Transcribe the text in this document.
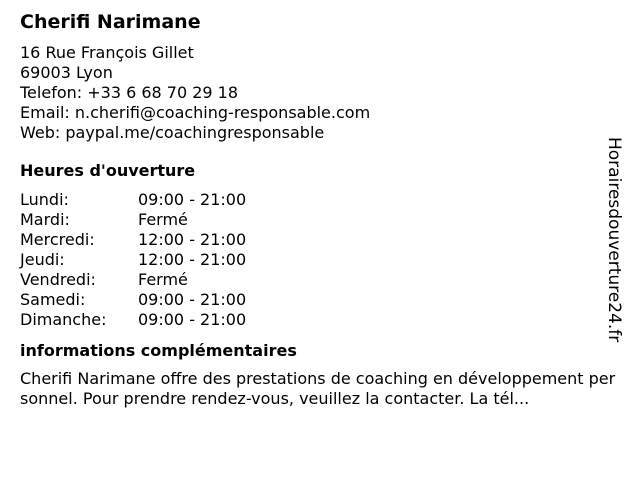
Cherifi Narimane
16 Rue François Gillet
69003 Lyon
Telefon: +33 6 68 70 29 18
Email: n.cherifi@coaching-responsable.com
Web: paypal.me/coachingresponsable
Heures d'ouverture
Lundi:	09:00 - 21:00
Mardi:	Fermé
Mercredi:	12:00 - 21:00
Jeudi:	12:00 - 21:00
Vendredi:	Fermé
Samedi:	09:00 - 21:00
Dimanche:	09:00 - 21:00
informations complémentaires
Cherifi Narimane offre des prestations de coaching en développement personnel. Pour prendre rendez-vous, veuillez la contacter. La tél...
Horairesdouverture24.fr
